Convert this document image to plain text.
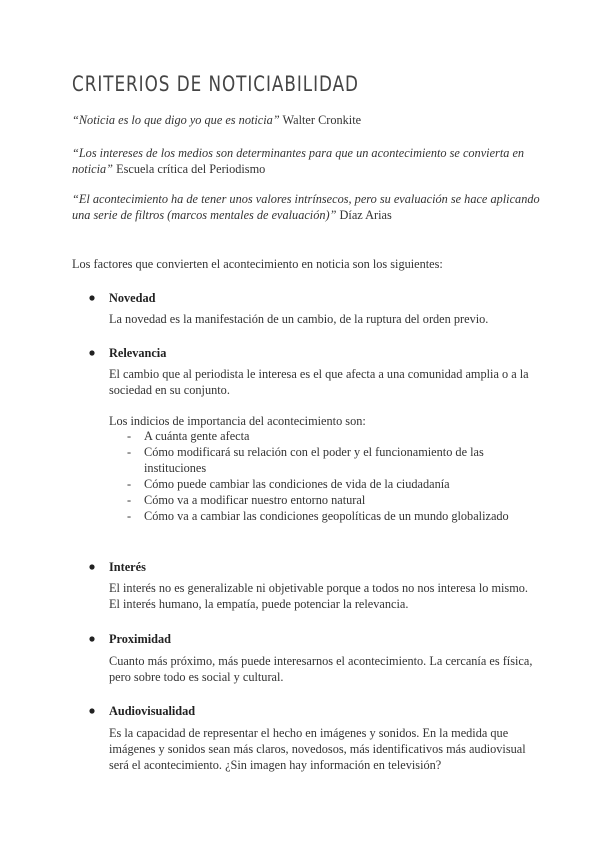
CRITERIOS DE NOTICIABILIDAD

“Noticia es lo que digo yo que es noticia” Walter Cronkite

“Los intereses de los medios son determinantes para que un acontecimiento se convierta en noticia” Escuela crítica del Periodismo

“El acontecimiento ha de tener unos valores intrínsecos, pero su evaluación se hace aplicando una serie de filtros (marcos mentales de evaluación)” Díaz Arias

Los factores que convierten el acontecimiento en noticia son los siguientes:

Novedad

La novedad es la manifestación de un cambio, de la ruptura del orden previo.

Relevancia

El cambio que al periodista le interesa es el que afecta a una comunidad amplia o a la sociedad en su conjunto.

Los indicios de importancia del acontecimiento son:

- A cuánta gente afecta
- Cómo modificará su relación con el poder y el funcionamiento de las instituciones
- Cómo puede cambiar las condiciones de vida de la ciudadanía
- Cómo va a modificar nuestro entorno natural
- Cómo va a cambiar las condiciones geopolíticas de un mundo globalizado

Interés

El interés no es generalizable ni objetivable porque a todos no nos interesa lo mismo. El interés humano, la empatía, puede potenciar la relevancia.

Proximidad

Cuanto más próximo, más puede interesarnos el acontecimiento. La cercanía es física, pero sobre todo es social y cultural.

Audiovisualidad

Es la capacidad de representar el hecho en imágenes y sonidos. En la medida que imágenes y sonidos sean más claros, novedosos, más identificativos más audiovisual será el acontecimiento. ¿Sin imagen hay información en televisión?
